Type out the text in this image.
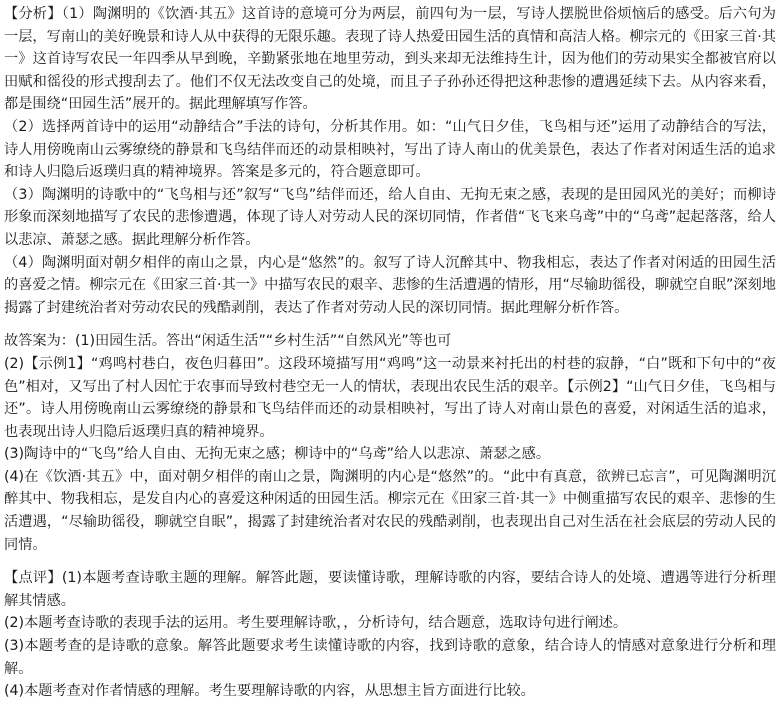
【分析】（1）陶渊明的《饮酒·其五》这首诗的意境可分为两层，前四句为一层，写诗人摆脱世俗烦恼后的感受。后六句为一层，写南山的美好晚景和诗人从中获得的无限乐趣。表现了诗人热爱田园生活的真情和高洁人格。柳宗元的《田家三首·其一》这首诗写农民一年四季从早到晚，辛勤紧张地在地里劳动，到头来却无法维持生计，因为他们的劳动果实全都被官府以田赋和徭役的形式搜刮去了。他们不仅无法改变自己的处境，而且子子孙孙还得把这种悲惨的遭遇延续下去。从内容来看，都是围绕“田园生活”展开的。据此理解填写作答。

（2）选择两首诗中的运用“动静结合”手法的诗句，分析其作用。如：“山气日夕佳，飞鸟相与还”运用了动静结合的写法，诗人用傍晚南山云雾缭绕的静景和飞鸟结伴而还的动景相映衬，写出了诗人南山的优美景色，表达了作者对闲适生活的追求和诗人归隐后返璞归真的精神境界。答案是多元的，符合题意即可。

（3）陶渊明的诗歌中的“飞鸟相与还”叙写“飞鸟”结伴而还，给人自由、无拘无束之感，表现的是田园风光的美好；而柳诗形象而深刻地描写了农民的悲惨遭遇，体现了诗人对劳动人民的深切同情，作者借“飞飞来乌鸢”中的“乌鸢”起起落落，给人以悲凉、萧瑟之感。据此理解分析作答。

（4）陶渊明面对朝夕相伴的南山之景，内心是“悠然”的。叙写了诗人沉醉其中、物我相忘，表达了作者对闲适的田园生活的喜爱之情。柳宗元在《田家三首·其一》中描写农民的艰辛、悲惨的生活遭遇的情形，用“尽输助徭役，聊就空自眠”深刻地揭露了封建统治者对劳动农民的残酷剥削，表达了作者对劳动人民的深切同情。据此理解分析作答。

故答案为：(1)田园生活。答出“闲适生活”“乡村生活”“自然风光”等也可

(2)【示例1】“鸡鸣村巷白，夜色归暮田”。这段环境描写用“鸡鸣”这一动景来衬托出的村巷的寂静，“白”既和下句中的“夜色”相对，又写出了村人因忙于农事而导致村巷空无一人的情状，表现出农民生活的艰辛。【示例2】“山气日夕佳，飞鸟相与还”。诗人用傍晚南山云雾缭绕的静景和飞鸟结伴而还的动景相映衬，写出了诗人对南山景色的喜爱，对闲适生活的追求，也表现出诗人归隐后返璞归真的精神境界。

(3)陶诗中的“飞鸟”给人自由、无拘无束之感；柳诗中的“乌鸢”给人以悲凉、萧瑟之感。

(4)在《饮酒·其五》中，面对朝夕相伴的南山之景，陶渊明的内心是“悠然”的。“此中有真意，欲辨已忘言”，可见陶渊明沉醉其中、物我相忘，是发自内心的喜爱这种闲适的田园生活。柳宗元在《田家三首·其一》中侧重描写农民的艰辛、悲惨的生活遭遇，“尽输助徭役，聊就空自眠”，揭露了封建统治者对农民的残酷剥削，也表现出自己对生活在社会底层的劳动人民的同情。

【点评】(1)本题考查诗歌主题的理解。解答此题，要读懂诗歌，理解诗歌的内容，要结合诗人的处境、遭遇等进行分析理解其情感。

(2)本题考查诗歌的表现手法的运用。考生要理解诗歌，，分析诗句，结合题意，选取诗句进行阐述。

(3)本题考查的是诗歌的意象。解答此题要求考生读懂诗歌的内容，找到诗歌的意象，结合诗人的情感对意象进行分析和理解。

(4)本题考查对作者情感的理解。考生要理解诗歌的内容，从思想主旨方面进行比较。
